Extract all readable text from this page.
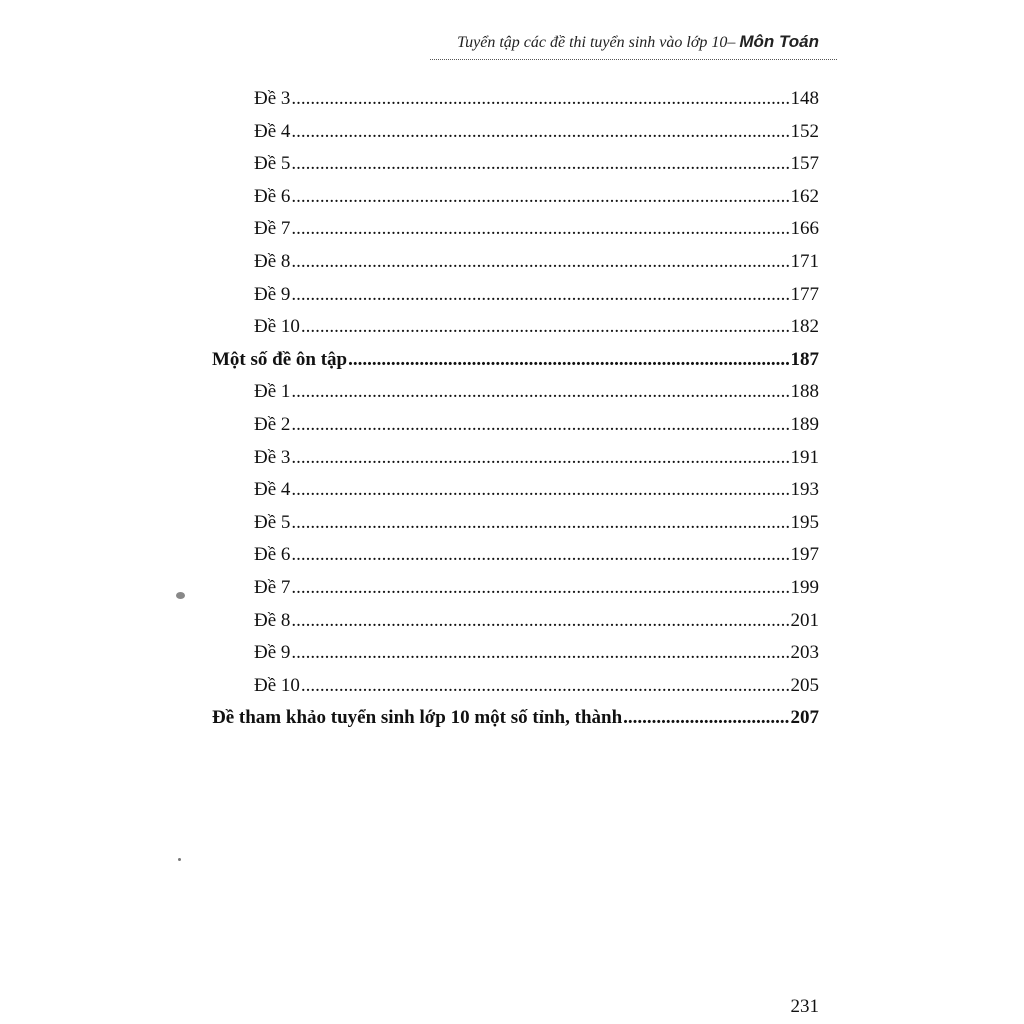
Tuyển tập các đề thi tuyển sinh vào lớp 10– Môn Toán
Đề 3 .....	148
Đề 4 .....	152
Đề 5 .....	157
Đề 6 .....	162
Đề 7 .....	166
Đề 8 .....	171
Đề 9 .....	177
Đề 10 .....	182
Một số đề ôn tập .....	187
Đề 1 .....	188
Đề 2 .....	189
Đề 3 .....	191
Đề 4 .....	193
Đề 5 .....	195
Đề 6 .....	197
Đề 7 .....	199
Đề 8 .....	201
Đề 9 .....	203
Đề 10 .....	205
Đề tham khảo tuyển sinh lớp 10 một số tỉnh, thành .....	207
231
